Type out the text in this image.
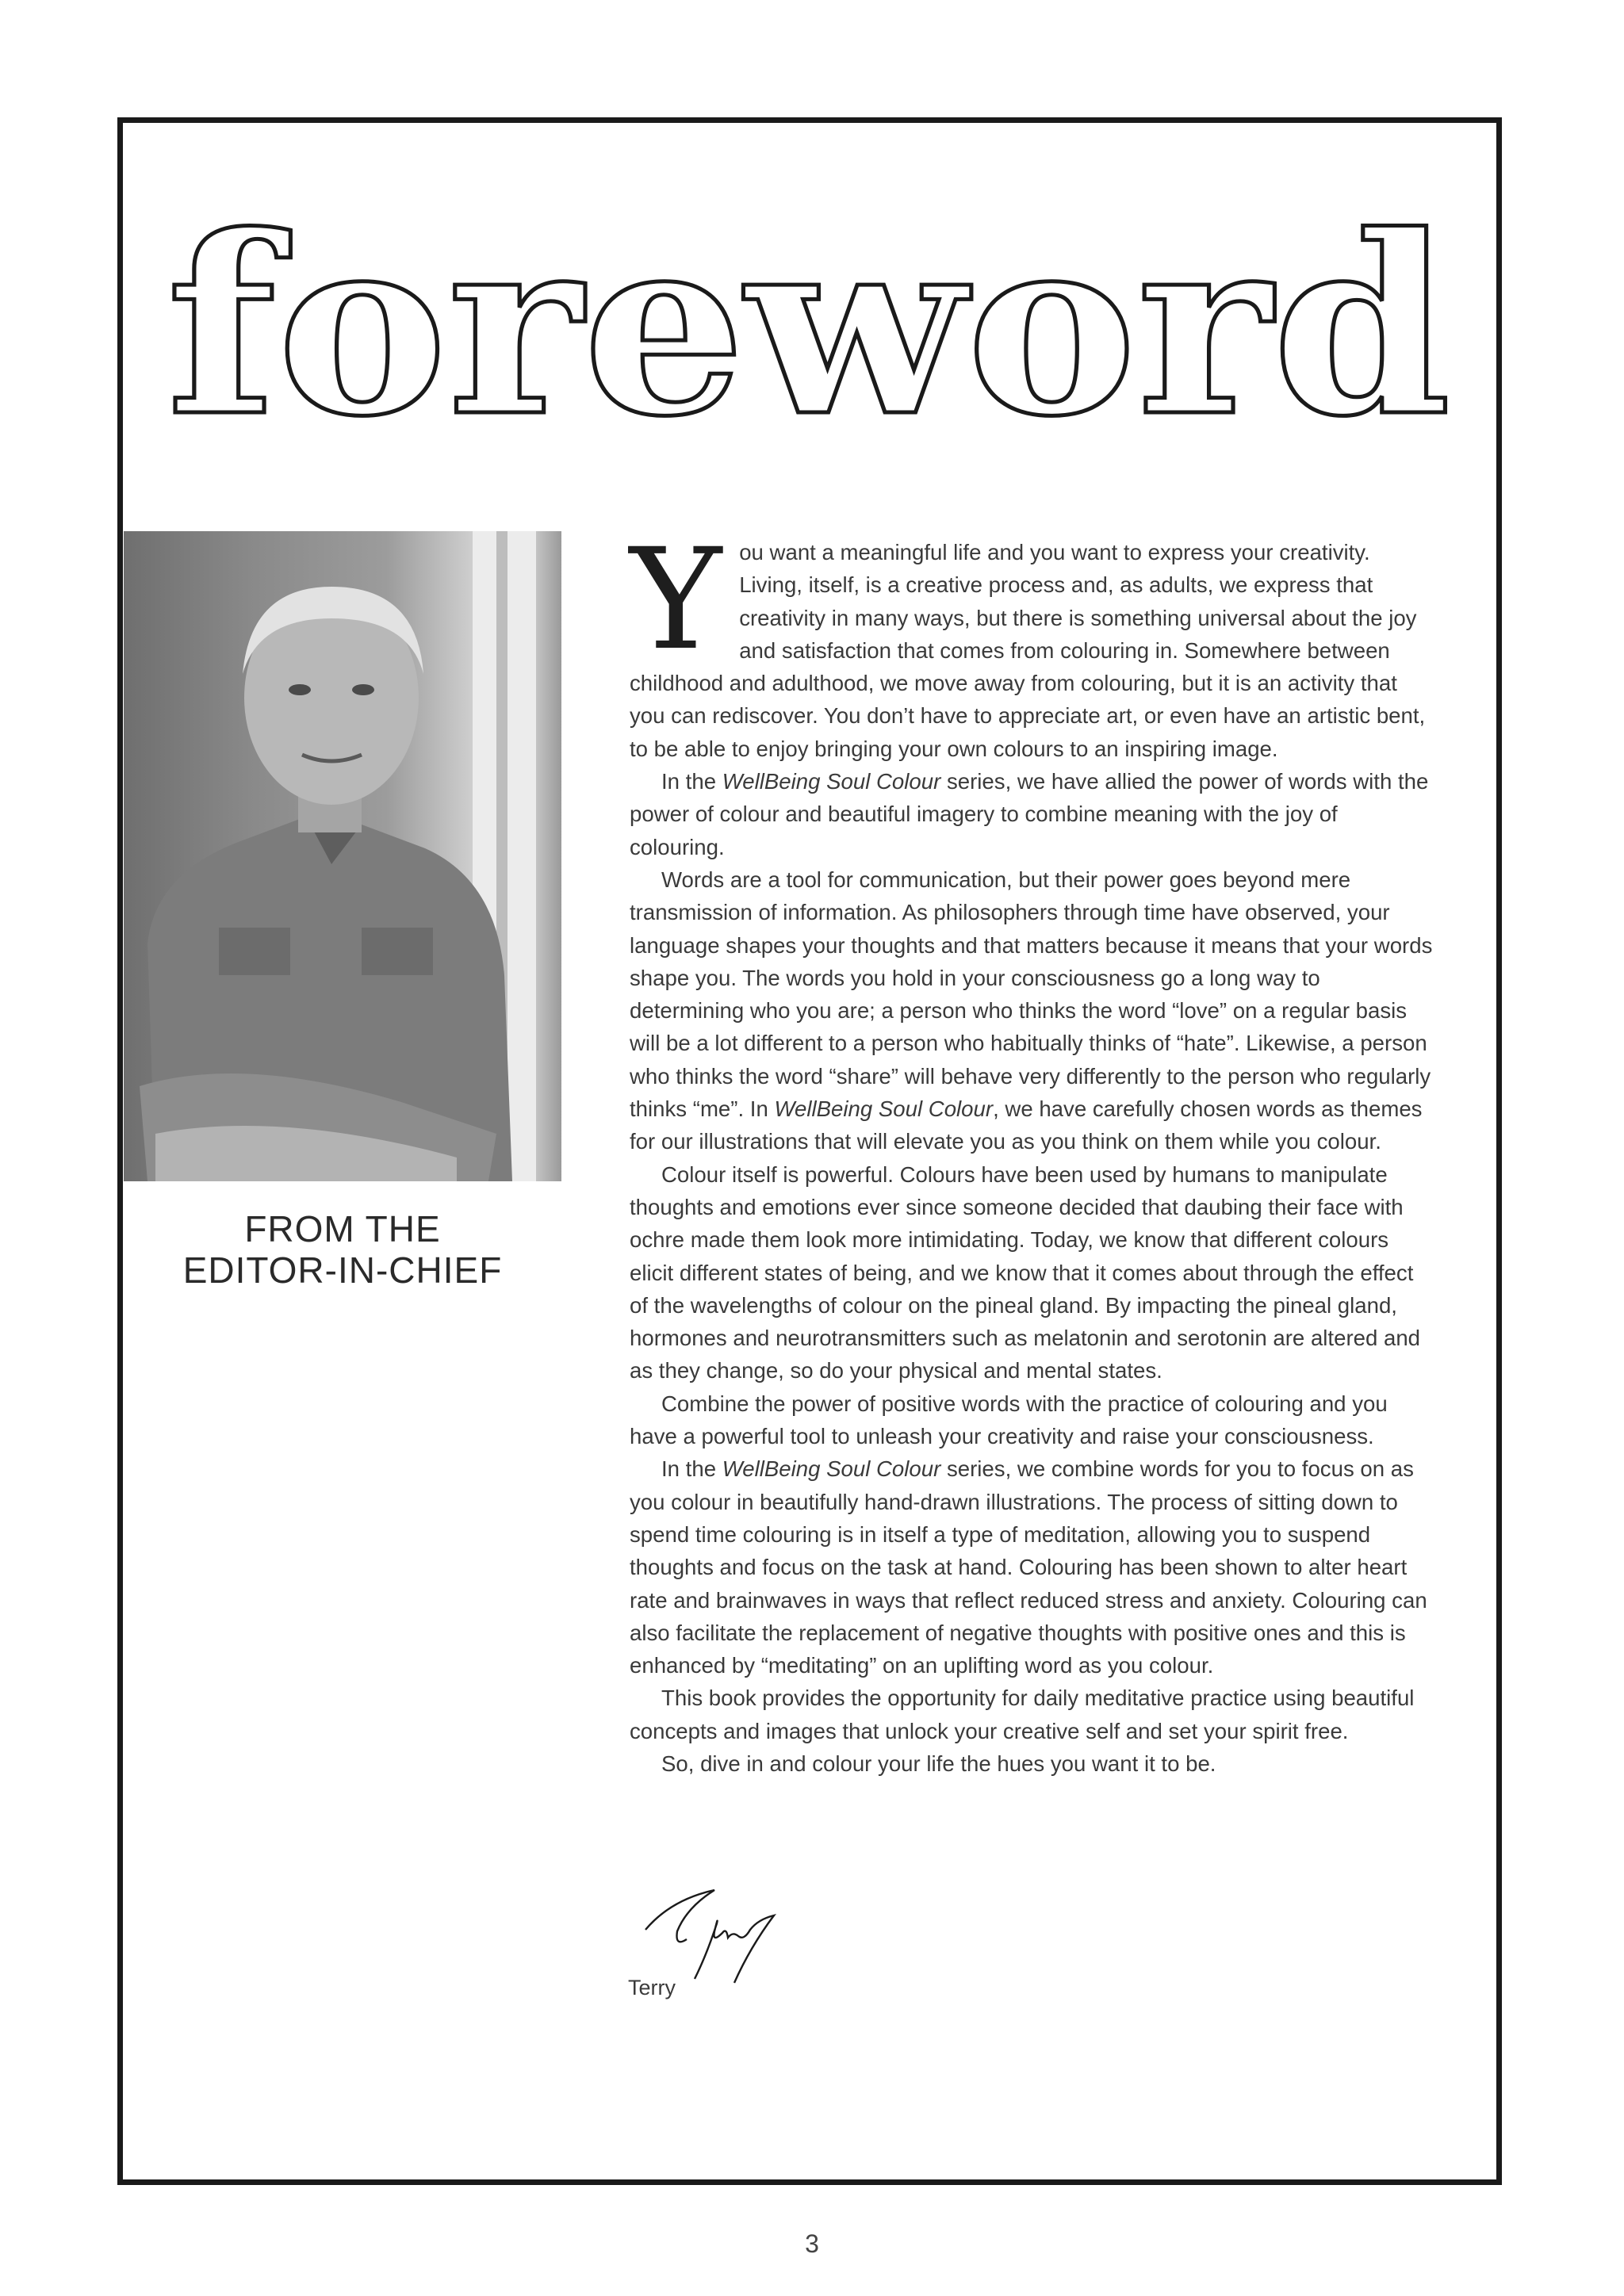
foreword
FROM THE
EDITOR-IN-CHIEF

You want a meaningful life and you want to express your creativity. Living, itself, is a creative process and, as adults, we express that creativity in many ways, but there is something universal about the joy and satisfaction that comes from colouring in. Somewhere between childhood and adulthood, we move away from colouring, but it is an activity that you can rediscover. You don’t have to appreciate art, or even have an artistic bent, to be able to enjoy bringing your own colours to an inspiring image.

In the WellBeing Soul Colour series, we have allied the power of words with the power of colour and beautiful imagery to combine meaning with the joy of colouring.

Words are a tool for communication, but their power goes beyond mere transmission of information. As philosophers through time have observed, your language shapes your thoughts and that matters because it means that your words shape you. The words you hold in your consciousness go a long way to determining who you are; a person who thinks the word “love” on a regular basis will be a lot different to a person who habitually thinks of “hate”. Likewise, a person who thinks the word “share” will behave very differently to the person who regularly thinks “me”. In WellBeing Soul Colour, we have carefully chosen words as themes for our illustrations that will elevate you as you think on them while you colour.

Colour itself is powerful. Colours have been used by humans to manipulate thoughts and emotions ever since someone decided that daubing their face with ochre made them look more intimidating. Today, we know that different colours elicit different states of being, and we know that it comes about through the effect of the wavelengths of colour on the pineal gland. By impacting the pineal gland, hormones and neurotransmitters such as melatonin and serotonin are altered and as they change, so do your physical and mental states.

Combine the power of positive words with the practice of colouring and you have a powerful tool to unleash your creativity and raise your consciousness.

In the WellBeing Soul Colour series, we combine words for you to focus on as you colour in beautifully hand-drawn illustrations. The process of sitting down to spend time colouring is in itself a type of meditation, allowing you to suspend thoughts and focus on the task at hand. Colouring has been shown to alter heart rate and brainwaves in ways that reflect reduced stress and anxiety. Colouring can also facilitate the replacement of negative thoughts with positive ones and this is enhanced by “meditating” on an uplifting word as you colour.

This book provides the opportunity for daily meditative practice using beautiful concepts and images that unlock your creative self and set your spirit free.

So, dive in and colour your life the hues you want it to be.

Terry
3
